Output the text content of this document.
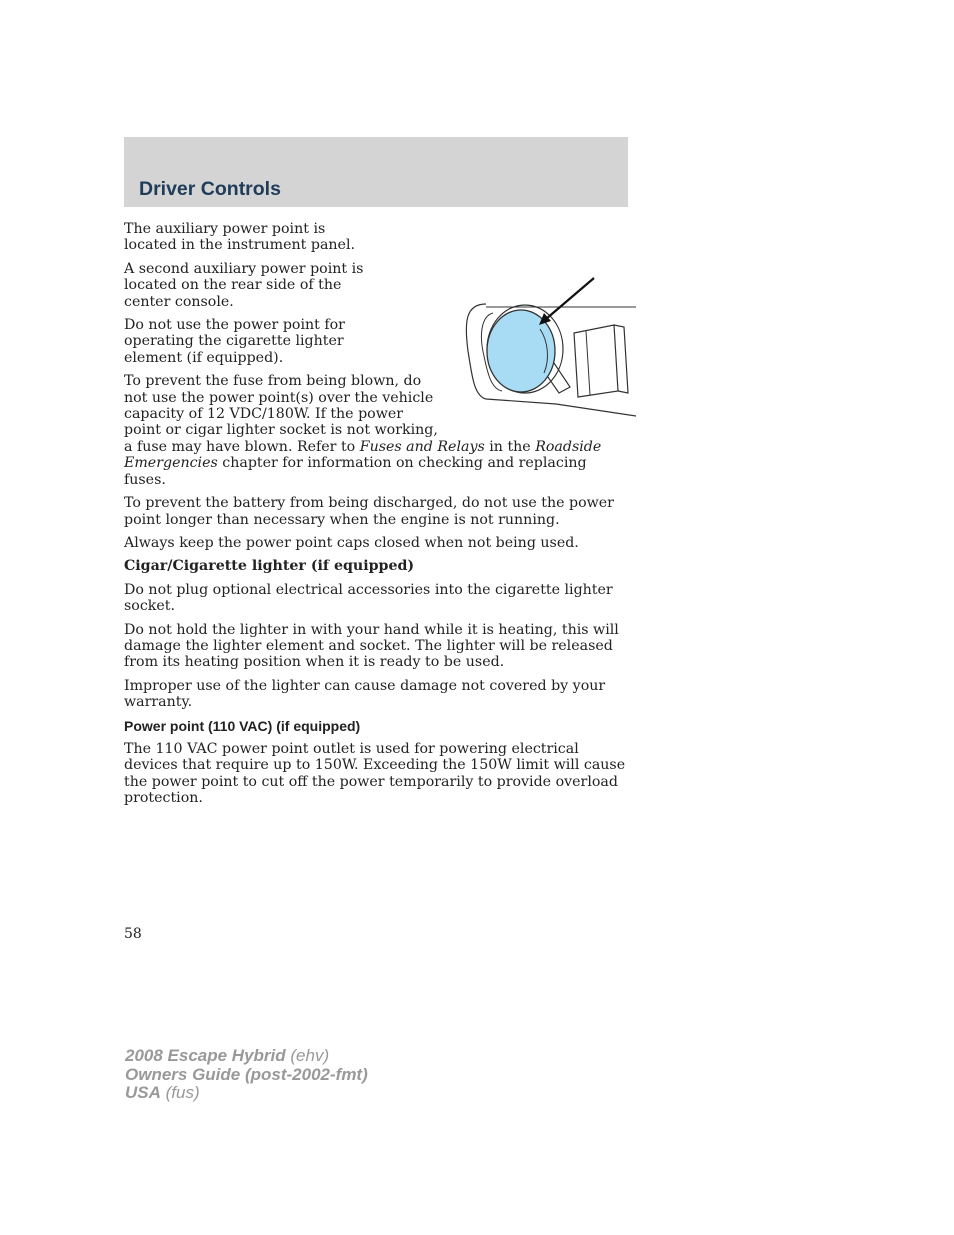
Driver Controls

The auxiliary power point is located in the instrument panel.

A second auxiliary power point is located on the rear side of the center console.

Do not use the power point for operating the cigarette lighter element (if equipped).

To prevent the fuse from being blown, do not use the power point(s) over the vehicle capacity of 12 VDC/180W. If the power point or cigar lighter socket is not working, a fuse may have blown. Refer to Fuses and Relays in the Roadside Emergencies chapter for information on checking and replacing fuses.

To prevent the battery from being discharged, do not use the power point longer than necessary when the engine is not running.

Always keep the power point caps closed when not being used.

Cigar/Cigarette lighter (if equipped)

Do not plug optional electrical accessories into the cigarette lighter socket.

Do not hold the lighter in with your hand while it is heating, this will damage the lighter element and socket. The lighter will be released from its heating position when it is ready to be used.

Improper use of the lighter can cause damage not covered by your warranty.

Power point (110 VAC) (if equipped)

The 110 VAC power point outlet is used for powering electrical devices that require up to 150W. Exceeding the 150W limit will cause the power point to cut off the power temporarily to provide overload protection.

58
2008 Escape Hybrid (ehv)
Owners Guide (post-2002-fmt)
USA (fus)
